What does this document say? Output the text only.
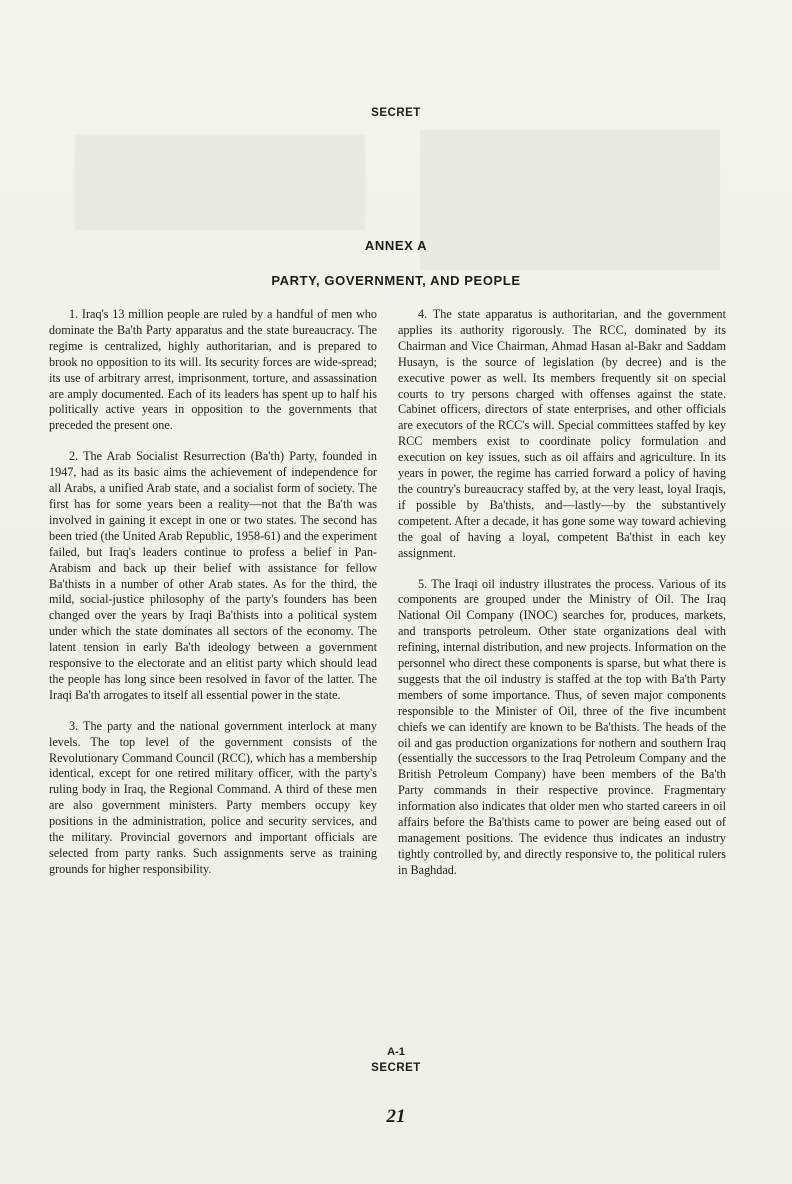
SECRET
ANNEX A
PARTY, GOVERNMENT, AND PEOPLE

1. Iraq's 13 million people are ruled by a handful of men who dominate the Ba'th Party apparatus and the state bureaucracy. The regime is centralized, highly authoritarian, and is prepared to brook no opposition to its will. Its security forces are wide-spread; its use of arbitrary arrest, imprisonment, torture, and assassination are amply documented. Each of its leaders has spent up to half his politically active years in opposition to the governments that preceded the present one.

2. The Arab Socialist Resurrection (Ba'th) Party, founded in 1947, had as its basic aims the achievement of independence for all Arabs, a unified Arab state, and a socialist form of society. The first has for some years been a reality—not that the Ba'th was involved in gaining it except in one or two states. The second has been tried (the United Arab Republic, 1958-61) and the experiment failed, but Iraq's leaders continue to profess a belief in Pan-Arabism and back up their belief with assistance for fellow Ba'thists in a number of other Arab states. As for the third, the mild, social-justice philosophy of the party's founders has been changed over the years by Iraqi Ba'thists into a political system under which the state dominates all sectors of the economy. The latent tension in early Ba'th ideology between a government responsive to the electorate and an elitist party which should lead the people has long since been resolved in favor of the latter. The Iraqi Ba'th arrogates to itself all essential power in the state.

3. The party and the national government interlock at many levels. The top level of the government consists of the Revolutionary Command Council (RCC), which has a membership identical, except for one retired military officer, with the party's ruling body in Iraq, the Regional Command. A third of these men are also government ministers. Party members occupy key positions in the administration, police and security services, and the military. Provincial governors and important officials are selected from party ranks. Such assignments serve as training grounds for higher responsibility.

4. The state apparatus is authoritarian, and the government applies its authority rigorously. The RCC, dominated by its Chairman and Vice Chairman, Ahmad Hasan al-Bakr and Saddam Husayn, is the source of legislation (by decree) and is the executive power as well. Its members frequently sit on special courts to try persons charged with offenses against the state. Cabinet officers, directors of state enterprises, and other officials are executors of the RCC's will. Special committees staffed by key RCC members exist to coordinate policy formulation and execution on key issues, such as oil affairs and agriculture. In its years in power, the regime has carried forward a policy of having the country's bureaucracy staffed by, at the very least, loyal Iraqis, if possible by Ba'thists, and—lastly—by the substantively competent. After a decade, it has gone some way toward achieving the goal of having a loyal, competent Ba'thist in each key assignment.

5. The Iraqi oil industry illustrates the process. Various of its components are grouped under the Ministry of Oil. The Iraq National Oil Company (INOC) searches for, produces, markets, and transports petroleum. Other state organizations deal with refining, internal distribution, and new projects. Information on the personnel who direct these components is sparse, but what there is suggests that the oil industry is staffed at the top with Ba'th Party members of some importance. Thus, of seven major components responsible to the Minister of Oil, three of the five incumbent chiefs we can identify are known to be Ba'thists. The heads of the oil and gas production organizations for nothern and southern Iraq (essentially the successors to the Iraq Petroleum Company and the British Petroleum Company) have been members of the Ba'th Party commands in their respective province. Fragmentary information also indicates that older men who started careers in oil affairs before the Ba'thists came to power are being eased out of management positions. The evidence thus indicates an industry tightly controlled by, and directly responsive to, the political rulers in Baghdad.

A-1
SECRET
21
